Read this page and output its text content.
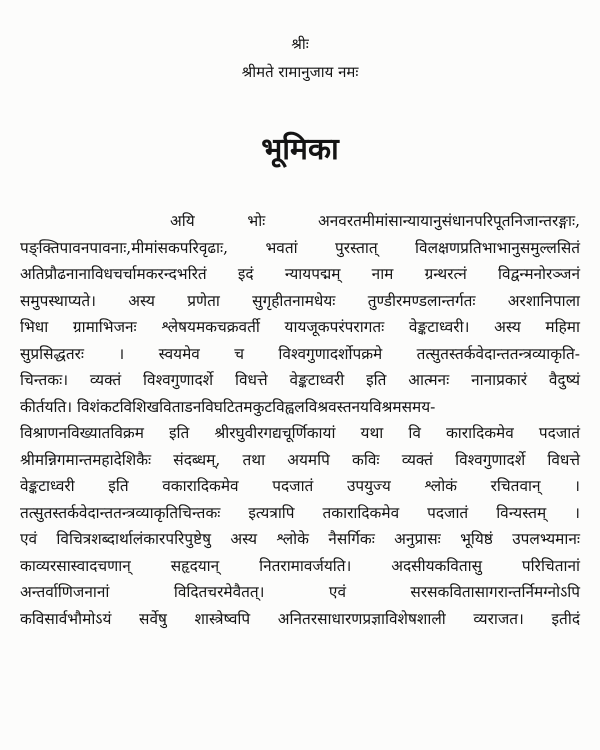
श्रीः
श्रीमते रामानुजाय नमः
भूमिका
अयि भोः अनवरतमीमांसान्यायानुसंधानपरिपूतनिजान्तरङ्गाः,
पङ्क्तिपावनपावनाः,मीमांसकपरिवृढाः, भवतां पुरस्तात् विलक्षणप्रतिभाभानुसमुल्लसितं
अतिप्रौढनानाविधचर्चामकरन्दभरितं इदं न्यायपद्मम् नाम ग्रन्थरत्नं विद्वन्मनोरञ्जनं
समुपस्थाप्यते। अस्य प्रणेता सुगृहीतनामधेयः तुण्डीरमण्डलान्तर्गतः अरशानिपाला
भिधा ग्रामाभिजनः श्लेषयमकचक्रवर्ती यायजूकपरंपरागतः वेङ्कटाध्वरी। अस्य महिमा
सुप्रसिद्धतरः । स्वयमेव च विश्वगुणादर्शोपक्रमे तत्सुतस्तर्कवेदान्ततन्त्रव्याकृति-
चिन्तकः। व्यक्तं विश्वगुणादर्शे विधत्ते वेङ्कटाध्वरी इति आत्मनः नानाप्रकारं वैदुष्यं
कीर्तयति। विशंकटविशिखविताडनविघटितमकुटविह्वलविश्रवस्तनयविश्रमसमय-
विश्राणनविख्यातविक्रम इति श्रीरघुवीरगद्यचूर्णिकायां यथा वि कारादिकमेव पदजातं
श्रीमन्निगमान्तमहादेशिकैः संदब्धम्, तथा अयमपि कविः व्यक्तं विश्वगुणादर्शे विधत्ते
वेङ्कटाध्वरी इति वकारादिकमेव पदजातं उपयुज्य श्लोकं रचितवान् ।
तत्सुतस्तर्कवेदान्ततन्त्रव्याकृतिचिन्तकः इत्यत्रापि तकारादिकमेव पदजातं विन्यस्तम् ।
एवं विचित्रशब्दार्थालंकारपरिपुष्टेषु अस्य श्लोके नैसर्गिकः अनुप्रासः भूयिष्ठं उपलभ्यमानः
काव्यरसास्वादचणान् सहृदयान् नितरामावर्जयति। अदसीयकवितासु परिचितानां
अन्तर्वाणिजनानां विदितचरमेवैतत्। एवं सरसकवितासागरान्तर्निमग्नोऽपि
कविसार्वभौमोऽयं सर्वेषु शास्त्रेष्वपि अनितरसाधारणप्रज्ञाविशेषशाली व्यराजत। इतीदं
